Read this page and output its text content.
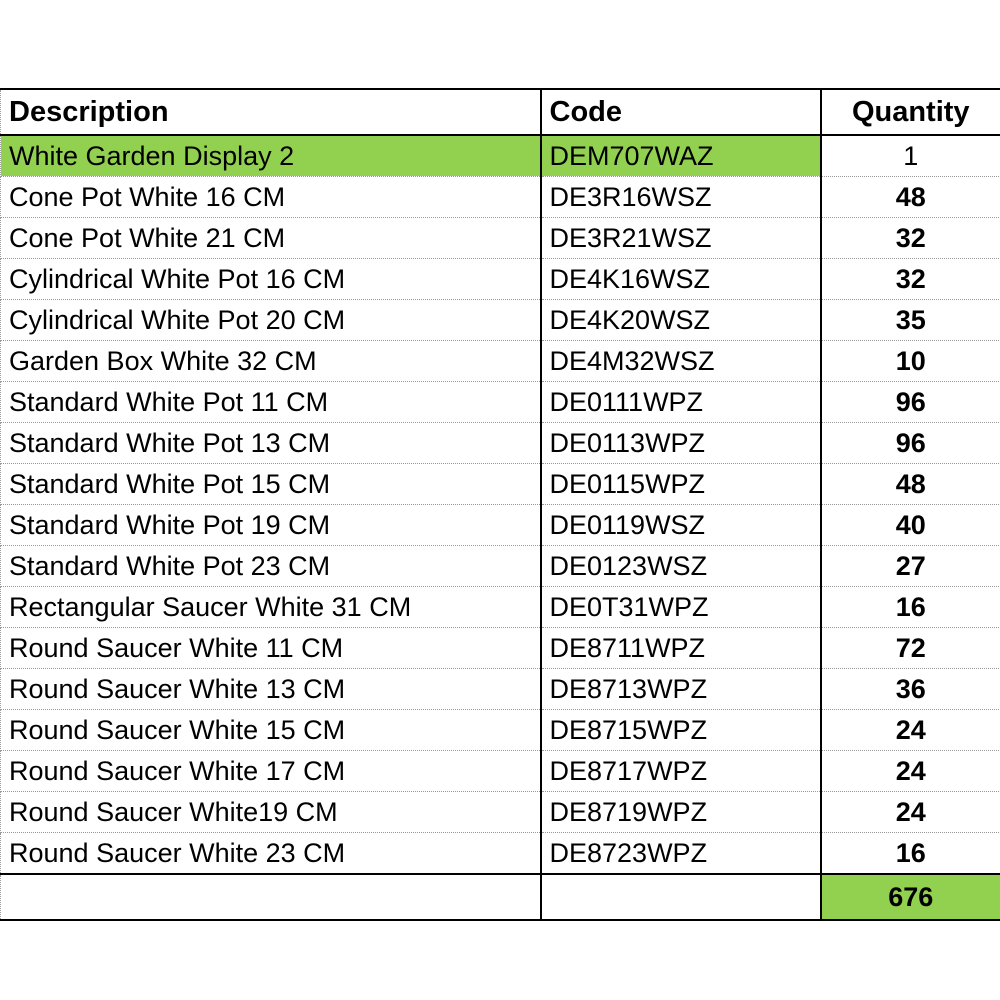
Description	Code	Quantity
White Garden Display 2	DEM707WAZ	1
Cone Pot White 16 CM	DE3R16WSZ	48
Cone Pot White 21 CM	DE3R21WSZ	32
Cylindrical White Pot 16 CM	DE4K16WSZ	32
Cylindrical White Pot 20 CM	DE4K20WSZ	35
Garden Box White 32 CM	DE4M32WSZ	10
Standard White Pot 11 CM	DE0111WPZ	96
Standard White Pot 13 CM	DE0113WPZ	96
Standard White Pot 15 CM	DE0115WPZ	48
Standard White Pot 19 CM	DE0119WSZ	40
Standard White Pot 23 CM	DE0123WSZ	27
Rectangular Saucer White 31 CM	DE0T31WPZ	16
Round Saucer White 11 CM	DE8711WPZ	72
Round Saucer White 13 CM	DE8713WPZ	36
Round Saucer White 15 CM	DE8715WPZ	24
Round Saucer White 17 CM	DE8717WPZ	24
Round Saucer White19 CM	DE8719WPZ	24
Round Saucer White 23 CM	DE8723WPZ	16
		676
